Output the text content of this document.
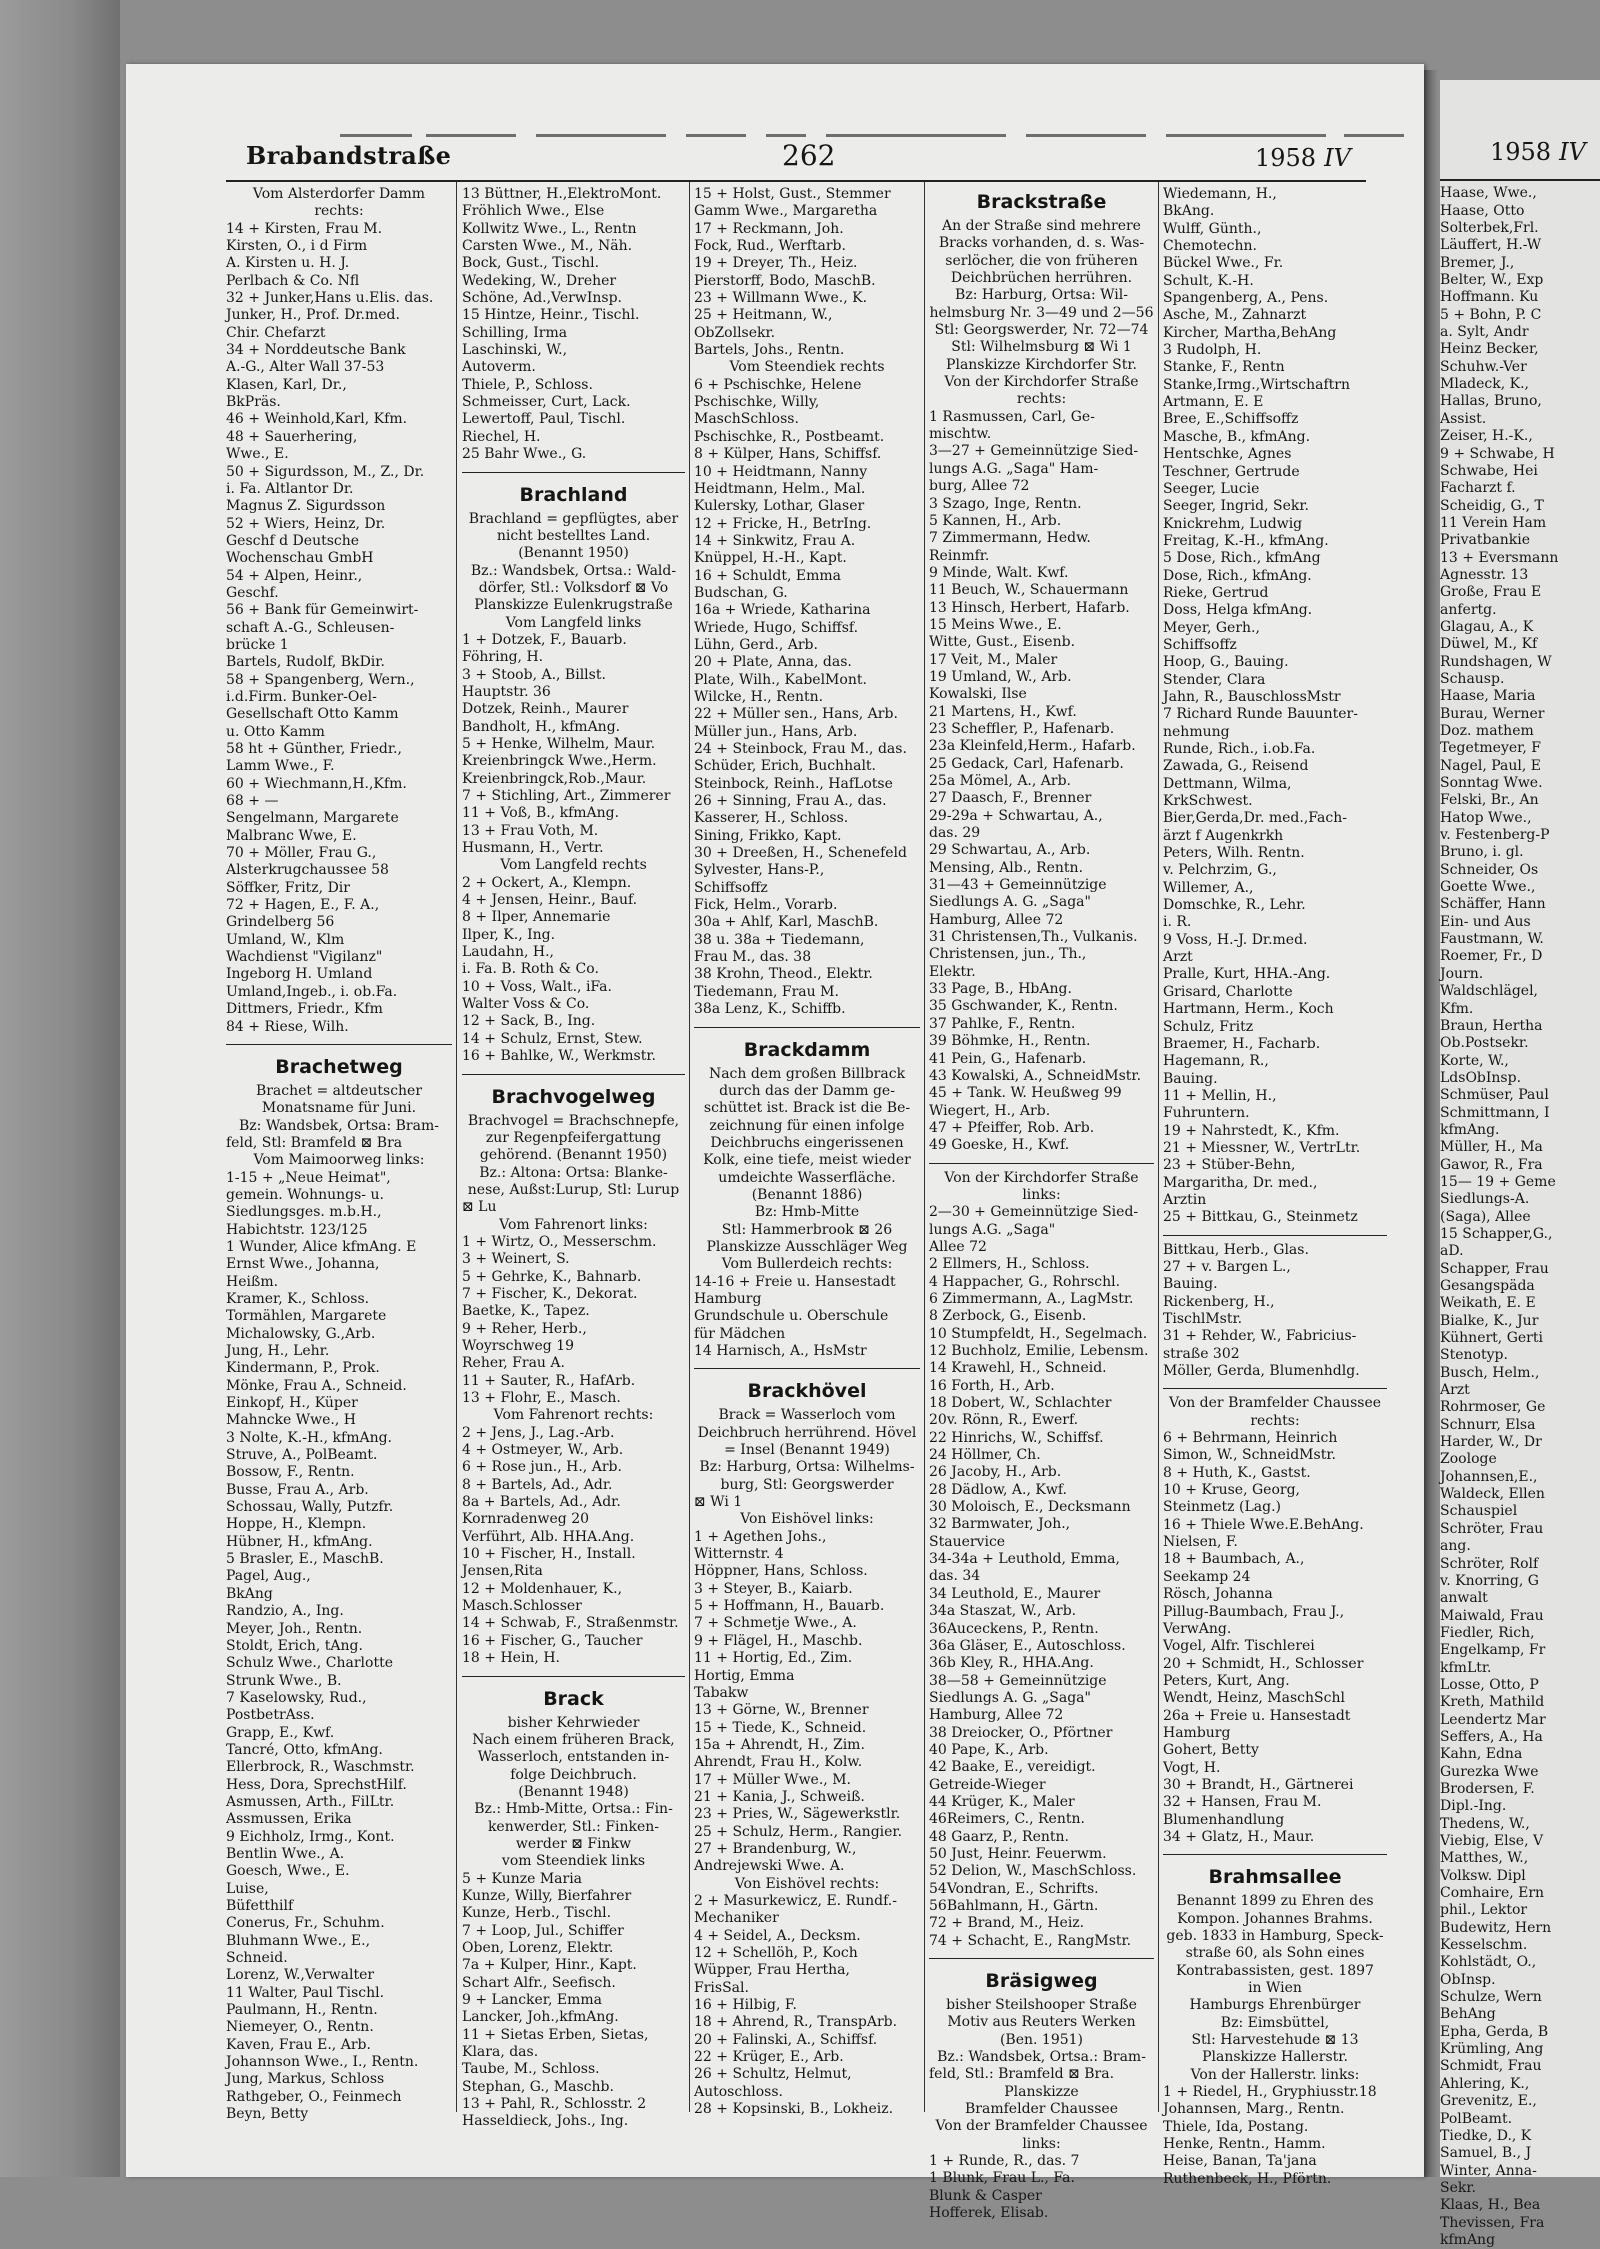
Brabandstraße	262	1958 IV
Vom Alsterdorfer Damm
rechts:
14 + Kirsten, Frau M.
Kirsten, O., i d Firm
A. Kirsten u. H. J.
Perlbach & Co. Nfl
32 + Junker,Hans u.Elis. das.
Junker, H., Prof. Dr.med.
Chir. Chefarzt
34 + Norddeutsche Bank
A.-G., Alter Wall 37-53
Klasen, Karl, Dr.,
BkPräs.
46 + Weinhold,Karl, Kfm.
48 + Sauerhering,
Wwe., E.
50 + Sigurdsson, M., Z., Dr.
i. Fa. Altlantor Dr.
Magnus Z. Sigurdsson
52 + Wiers, Heinz, Dr.
Geschf d Deutsche
Wochenschau GmbH
54 + Alpen, Heinr.,
Geschf.
56 + Bank für Gemeinwirt-
schaft A.-G., Schleusen-
brücke 1
Bartels, Rudolf, BkDir.
58 + Spangenberg, Wern.,
i.d.Firm. Bunker-Oel-
Gesellschaft Otto Kamm
u. Otto Kamm
58 ht + Günther, Friedr.,
Lamm Wwe., F.
60 + Wiechmann,H.,Kfm.
68 + —
Sengelmann, Margarete
Malbranc Wwe, E.
70 + Möller, Frau G.,
Alsterkrugchaussee 58
Söffker, Fritz, Dir
72 + Hagen, E., F. A.,
Grindelberg 56
Umland, W., Klm
Wachdienst "Vigilanz"
Ingeborg H. Umland
Umland,Ingeb., i. ob.Fa.
Dittmers, Friedr., Kfm
84 + Riese, Wilh.
Brachetweg
Brachet = altdeutscher
Monatsname für Juni.
Bz: Wandsbek, Ortsa: Bram-
feld, Stl: Bramfeld ⊠ Bra
Vom Maimoorweg links:
1-15 + „Neue Heimat",
gemein. Wohnungs- u.
Siedlungsges. m.b.H.,
Habichtstr. 123/125
1 Wunder, Alice kfmAng. E
Ernst Wwe., Johanna,
Heißm.
Kramer, K., Schloss.
Tormählen, Margarete
Michalowsky, G.,Arb.
Jung, H., Lehr.
Kindermann, P., Prok.
Mönke, Frau A., Schneid.
Einkopf, H., Küper
Mahncke Wwe., H
3 Nolte, K.-H., kfmAng.
Struve, A., PolBeamt.
Bossow, F., Rentn.
Busse, Frau A., Arb.
Schossau, Wally, Putzfr.
Hoppe, H., Klempn.
Hübner, H., kfmAng.
5 Brasler, E., MaschB.
Pagel, Aug.,
BkAng
Randzio, A., Ing.
Meyer, Joh., Rentn.
Stoldt, Erich, tAng.
Schulz Wwe., Charlotte
Strunk Wwe., B.
7 Kaselowsky, Rud.,
PostbetrAss.
Grapp, E., Kwf.
Tancré, Otto, kfmAng.
Ellerbrock, R., Waschmstr.
Hess, Dora, SprechstHilf.
Asmussen, Arth., FilLtr.
Assmussen, Erika
9 Eichholz, Irmg., Kont.
Bentlin Wwe., A.
Goesch, Wwe., E.
Luise,
Büfetthilf
Conerus, Fr., Schuhm.
Bluhmann Wwe., E.,
Schneid.
Lorenz, W.,Verwalter
11 Walter, Paul Tischl.
Paulmann, H., Rentn.
Niemeyer, O., Rentn.
Kaven, Frau E., Arb.
Johannson Wwe., I., Rentn.
Jung, Markus, Schloss
Rathgeber, O., Feinmech
Beyn, Betty
13 Büttner, H.,ElektroMont.
Fröhlich Wwe., Else
Kollwitz Wwe., L., Rentn
Carsten Wwe., M., Näh.
Bock, Gust., Tischl.
Wedeking, W., Dreher
Schöne, Ad.,VerwInsp.
15 Hintze, Heinr., Tischl.
Schilling, Irma
Laschinski, W.,
Autoverm.
Thiele, P., Schloss.
Schmeisser, Curt, Lack.
Lewertoff, Paul, Tischl.
Riechel, H.
25 Bahr Wwe., G.
Brachland
Brachland = gepflügtes, aber
nicht bestelltes Land.
(Benannt 1950)
Bz.: Wandsbek, Ortsa.: Wald-
dörfer, Stl.: Volksdorf ⊠ Vo
Planskizze Eulenkrugstraße
Vom Langfeld links
1 + Dotzek, F., Bauarb.
Föhring, H.
3 + Stoob, A., Billst.
Hauptstr. 36
Dotzek, Reinh., Maurer
Bandholt, H., kfmAng.
5 + Henke, Wilhelm, Maur.
Kreienbringck Wwe.,Herm.
Kreienbringck,Rob.,Maur.
7 + Stichling, Art., Zimmerer
11 + Voß, B., kfmAng.
13 + Frau Voth, M.
Husmann, H., Vertr.
Vom Langfeld rechts
2 + Ockert, A., Klempn.
4 + Jensen, Heinr., Bauf.
8 + Ilper, Annemarie
Ilper, K., Ing.
Laudahn, H.,
i. Fa. B. Roth & Co.
10 + Voss, Walt., iFa.
Walter Voss & Co.
12 + Sack, B., Ing.
14 + Schulz, Ernst, Stew.
16 + Bahlke, W., Werkmstr.
Brachvogelweg
Brachvogel = Brachschnepfe,
zur Regenpfeifergattung
gehörend. (Benannt 1950)
Bz.: Altona: Ortsa: Blanke-
nese, Außst:Lurup, Stl: Lurup
⊠ Lu
Vom Fahrenort links:
1 + Wirtz, O., Messerschm.
3 + Weinert, S.
5 + Gehrke, K., Bahnarb.
7 + Fischer, K., Dekorat.
Baetke, K., Tapez.
9 + Reher, Herb.,
Woyrschweg 19
Reher, Frau A.
11 + Sauter, R., HafArb.
13 + Flohr, E., Masch.
Vom Fahrenort rechts:
2 + Jens, J., Lag.-Arb.
4 + Ostmeyer, W., Arb.
6 + Rose jun., H., Arb.
8 + Bartels, Ad., Adr.
8a + Bartels, Ad., Adr.
Kornradenweg 20
Verführt, Alb. HHA.Ang.
10 + Fischer, H., Install.
Jensen,Rita
12 + Moldenhauer, K.,
Masch.Schlosser
14 + Schwab, F., Straßenmstr.
16 + Fischer, G., Taucher
18 + Hein, H.
Brack
bisher Kehrwieder
Nach einem früheren Brack,
Wasserloch, entstanden in-
folge Deichbruch.
(Benannt 1948)
Bz.: Hmb-Mitte, Ortsa.: Fin-
kenwerder, Stl.: Finken-
werder ⊠ Finkw
vom Steendiek links
5 + Kunze Maria
Kunze, Willy, Bierfahrer
Kunze, Herb., Tischl.
7 + Loop, Jul., Schiffer
Oben, Lorenz, Elektr.
7a + Kulper, Hinr., Kapt.
Schart Alfr., Seefisch.
9 + Lancker, Emma
Lancker, Joh.,kfmAng.
11 + Sietas Erben, Sietas,
Klara, das.
Taube, M., Schloss.
Stephan, G., Maschb.
13 + Pahl, R., Schlosstr. 2
Hasseldieck, Johs., Ing.
15 + Holst, Gust., Stemmer
Gamm Wwe., Margaretha
17 + Reckmann, Joh.
Fock, Rud., Werftarb.
19 + Dreyer, Th., Heiz.
Pierstorff, Bodo, MaschB.
23 + Willmann Wwe., K.
25 + Heitmann, W.,
ObZollsekr.
Bartels, Johs., Rentn.
Vom Steendiek rechts
6 + Pschischke, Helene
Pschischke, Willy,
MaschSchloss.
Pschischke, R., Postbeamt.
8 + Külper, Hans, Schiffsf.
10 + Heidtmann, Nanny
Heidtmann, Helm., Mal.
Kulersky, Lothar, Glaser
12 + Fricke, H., BetrIng.
14 + Sinkwitz, Frau A.
Knüppel, H.-H., Kapt.
16 + Schuldt, Emma
Budschan, G.
16a + Wriede, Katharina
Wriede, Hugo, Schiffsf.
Lühn, Gerd., Arb.
20 + Plate, Anna, das.
Plate, Wilh., KabelMont.
Wilcke, H., Rentn.
22 + Müller sen., Hans, Arb.
Müller jun., Hans, Arb.
24 + Steinbock, Frau M., das.
Schüder, Erich, Buchhalt.
Steinbock, Reinh., HafLotse
26 + Sinning, Frau A., das.
Kasserer, H., Schloss.
Sining, Frikko, Kapt.
30 + Dreeßen, H., Schenefeld
Sylvester, Hans-P.,
Schiffsoffz
Fick, Helm., Vorarb.
30a + Ahlf, Karl, MaschB.
38 u. 38a + Tiedemann,
Frau M., das. 38
38 Krohn, Theod., Elektr.
Tiedemann, Frau M.
38a Lenz, K., Schiffb.
Brackdamm
Nach dem großen Billbrack
durch das der Damm ge-
schüttet ist. Brack ist die Be-
zeichnung für einen infolge
Deichbruchs eingerissenen
Kolk, eine tiefe, meist wieder
umdeichte Wasserfläche.
(Benannt 1886)
Bz: Hmb-Mitte
Stl: Hammerbrook ⊠ 26
Planskizze Ausschläger Weg
Vom Bullerdeich rechts:
14-16 + Freie u. Hansestadt
Hamburg
Grundschule u. Oberschule
für Mädchen
14 Harnisch, A., HsMstr
Brackhövel
Brack = Wasserloch vom
Deichbruch herrührend. Hövel
= Insel (Benannt 1949)
Bz: Harburg, Ortsa: Wilhelms-
burg, Stl: Georgswerder
⊠ Wi 1
Von Eishövel links:
1 + Agethen Johs.,
Witternstr. 4
Höppner, Hans, Schloss.
3 + Steyer, B., Kaiarb.
5 + Hoffmann, H., Bauarb.
7 + Schmetje Wwe., A.
9 + Flägel, H., Maschb.
11 + Hortig, Ed., Zim.
Hortig, Emma
Tabakw
13 + Görne, W., Brenner
15 + Tiede, K., Schneid.
15a + Ahrendt, H., Zim.
Ahrendt, Frau H., Kolw.
17 + Müller Wwe., M.
21 + Kania, J., Schweiß.
23 + Pries, W., Sägewerkstlr.
25 + Schulz, Herm., Rangier.
27 + Brandenburg, W.,
Andrejewski Wwe. A.
Von Eishövel rechts:
2 + Masurkewicz, E. Rundf.-
Mechaniker
4 + Seidel, A., Decksm.
12 + Schellöh, P., Koch
Wüpper, Frau Hertha,
FrisSal.
16 + Hilbig, F.
18 + Ahrend, R., TranspArb.
20 + Falinski, A., Schiffsf.
22 + Krüger, E., Arb.
26 + Schultz, Helmut,
Autoschloss.
28 + Kopsinski, B., Lokheiz.
Brackstraße
An der Straße sind mehrere
Bracks vorhanden, d. s. Was-
serlöcher, die von früheren
Deichbrüchen herrühren.
Bz: Harburg, Ortsa: Wil-
helmsburg Nr. 3—49 und 2—56
Stl: Georgswerder, Nr. 72—74
Stl: Wilhelmsburg ⊠ Wi 1
Planskizze Kirchdorfer Str.
Von der Kirchdorfer Straße
rechts:
1 Rasmussen, Carl, Ge-
mischtw.
3—27 + Gemeinnützige Sied-
lungs A.G. „Saga" Ham-
burg, Allee 72
3 Szago, Inge, Rentn.
5 Kannen, H., Arb.
7 Zimmermann, Hedw.
Reinmfr.
9 Minde, Walt. Kwf.
11 Beuch, W., Schauermann
13 Hinsch, Herbert, Hafarb.
15 Meins Wwe., E.
Witte, Gust., Eisenb.
17 Veit, M., Maler
19 Umland, W., Arb.
Kowalski, Ilse
21 Martens, H., Kwf.
23 Scheffler, P., Hafenarb.
23a Kleinfeld,Herm., Hafarb.
25 Gedack, Carl, Hafenarb.
25a Mömel, A., Arb.
27 Daasch, F., Brenner
29-29a + Schwartau, A.,
das. 29
29 Schwartau, A., Arb.
Mensing, Alb., Rentn.
31—43 + Gemeinnützige
Siedlungs A. G. „Saga"
Hamburg, Allee 72
31 Christensen,Th., Vulkanis.
Christensen, jun., Th.,
Elektr.
33 Page, B., HbAng.
35 Gschwander, K., Rentn.
37 Pahlke, F., Rentn.
39 Böhmke, H., Rentn.
41 Pein, G., Hafenarb.
43 Kowalski, A., SchneidMstr.
45 + Tank. W. Heußweg 99
Wiegert, H., Arb.
47 + Pfeiffer, Rob. Arb.
49 Goeske, H., Kwf.
Von der Kirchdorfer Straße
links:
2—30 + Gemeinnützige Sied-
lungs A.G. „Saga"
Allee 72
2 Ellmers, H., Schloss.
4 Happacher, G., Rohrschl.
6 Zimmermann, A., LagMstr.
8 Zerbock, G., Eisenb.
10 Stumpfeldt, H., Segelmach.
12 Buchholz, Emilie, Lebensm.
14 Krawehl, H., Schneid.
16 Forth, H., Arb.
18 Dobert, W., Schlachter
20v. Rönn, R., Ewerf.
22 Hinrichs, W., Schiffsf.
24 Höllmer, Ch.
26 Jacoby, H., Arb.
28 Dädlow, A., Kwf.
30 Moloisch, E., Decksmann
32 Barmwater, Joh.,
Stauervice
34-34a + Leuthold, Emma,
das. 34
34 Leuthold, E., Maurer
34a Staszat, W., Arb.
36Auceckens, P., Rentn.
36a Gläser, E., Autoschloss.
36b Kley, R., HHA.Ang.
38—58 + Gemeinnützige
Siedlungs A. G. „Saga"
Hamburg, Allee 72
38 Dreiocker, O., Pförtner
40 Pape, K., Arb.
42 Baake, E., vereidigt.
Getreide-Wieger
44 Krüger, K., Maler
46Reimers, C., Rentn.
48 Gaarz, P., Rentn.
50 Just, Heinr. Feuerwm.
52 Delion, W., MaschSchloss.
54Vondran, E., Schrifts.
56Bahlmann, H., Gärtn.
72 + Brand, M., Heiz.
74 + Schacht, E., RangMstr.
Bräsigweg
bisher Steilshooper Straße
Motiv aus Reuters Werken
(Ben. 1951)
Bz.: Wandsbek, Ortsa.: Bram-
feld, Stl.: Bramfeld ⊠ Bra.
Planskizze
Bramfelder Chaussee
Von der Bramfelder Chaussee
links:
1 + Runde, R., das. 7
1 Blunk, Frau L., Fa.
Blunk & Casper
Hofferek, Elisab.
Wiedemann, H.,
BkAng.
Wulff, Günth.,
Chemotechn.
Bückel Wwe., Fr.
Schult, K.-H.
Spangenberg, A., Pens.
Asche, M., Zahnarzt
Kircher, Martha,BehAng
3 Rudolph, H.
Stanke, F., Rentn
Stanke,Irmg.,Wirtschaftrn
Artmann, E. E
Bree, E.,Schiffsoffz
Masche, B., kfmAng.
Hentschke, Agnes
Teschner, Gertrude
Seeger, Lucie
Seeger, Ingrid, Sekr.
Knickrehm, Ludwig
Freitag, K.-H., kfmAng.
5 Dose, Rich., kfmAng
Dose, Rich., kfmAng.
Rieke, Gertrud
Doss, Helga kfmAng.
Meyer, Gerh.,
Schiffsoffz
Hoop, G., Bauing.
Stender, Clara
Jahn, R., BauschlossMstr
7 Richard Runde Bauunter-
nehmung
Runde, Rich., i.ob.Fa.
Zawada, G., Reisend
Dettmann, Wilma,
KrkSchwest.
Bier,Gerda,Dr. med.,Fach-
ärzt f Augenkrkh
Peters, Wilh. Rentn.
v. Pelchrzim, G.,
Willemer, A.,
Domschke, R., Lehr.
i. R.
9 Voss, H.-J. Dr.med.
Arzt
Pralle, Kurt, HHA.-Ang.
Grisard, Charlotte
Hartmann, Herm., Koch
Schulz, Fritz
Braemer, H., Facharb.
Hagemann, R.,
Bauing.
11 + Mellin, H.,
Fuhruntern.
19 + Nahrstedt, K., Kfm.
21 + Miessner, W., VertrLtr.
23 + Stüber-Behn,
Margaritha, Dr. med.,
Arztin
25 + Bittkau, G., Steinmetz
Bittkau, Herb., Glas.
27 + v. Bargen L.,
Bauing.
Rickenberg, H.,
TischlMstr.
31 + Rehder, W., Fabricius-
straße 302
Möller, Gerda, Blumenhdlg.
Von der Bramfelder Chaussee
rechts:
6 + Behrmann, Heinrich
Simon, W., SchneidMstr.
8 + Huth, K., Gastst.
10 + Kruse, Georg,
Steinmetz (Lag.)
16 + Thiele Wwe.E.BehAng.
Nielsen, F.
18 + Baumbach, A.,
Seekamp 24
Rösch, Johanna
Pillug-Baumbach, Frau J.,
VerwAng.
Vogel, Alfr. Tischlerei
20 + Schmidt, H., Schlosser
Peters, Kurt, Ang.
Wendt, Heinz, MaschSchl
26a + Freie u. Hansestadt
Hamburg
Gohert, Betty
Vogt, H.
30 + Brandt, H., Gärtnerei
32 + Hansen, Frau M.
Blumenhandlung
34 + Glatz, H., Maur.
Brahmsallee
Benannt 1899 zu Ehren des
Kompon. Johannes Brahms.
geb. 1833 in Hamburg, Speck-
straße 60, als Sohn eines
Kontrabassisten, gest. 1897
in Wien
Hamburgs Ehrenbürger
Bz: Eimsbüttel,
Stl: Harvestehude ⊠ 13
Planskizze Hallerstr.
Von der Hallerstr. links:
1 + Riedel, H., Gryphiusstr.18
Johannsen, Marg., Rentn.
Thiele, Ida, Postang.
Henke, Rentn., Hamm.
Heise, Banan, Ta'jana
Ruthenbeck, H., Pförtn.
1958 IV
Haase, Wwe.,
Haase, Otto
Solterbek,Frl.
Läuffert, H.-W
Bremer, J.,
Belter, W., Exp
Hoffmann. Ku
5 + Bohn, P. C
a. Sylt, Andr
Heinz Becker,
Schuhw.-Ver
Mladeck, K.,
Hallas, Bruno,
Assist.
Zeiser, H.-K.,
9 + Schwabe, H
Schwabe, Hei
Facharzt f.
Scheidig, G., T
11 Verein Ham
Privatbankie
13 + Eversmann
Agnesstr. 13
Große, Frau E
anfertg.
Glagau, A., K
Düwel, M., Kf
Rundshagen, W
Schausp.
Haase, Maria
Burau, Werner
Doz. mathem
Tegetmeyer, F
Nagel, Paul, E
Sonntag Wwe.
Felski, Br., An
Hatop Wwe.,
v. Festenberg-P
Bruno, i. gl.
Schneider, Os
Goette Wwe.,
Schäffer, Hann
Ein- und Aus
Faustmann, W.
Roemer, Fr., D
Journ.
Waldschlägel,
Kfm.
Braun, Hertha
Ob.Postsekr.
Korte, W.,
LdsObInsp.
Schmüser, Paul
Schmittmann, I
kfmAng.
Müller, H., Ma
Gawor, R., Fra
15— 19 + Geme
Siedlungs-A.
(Saga), Allee
15 Schapper,G.,
aD.
Schapper, Frau
Gesangspäda
Weikath, E. E
Bialke, K., Jur
Kühnert, Gerti
Stenotyp.
Busch, Helm.,
Arzt
Rohrmoser, Ge
Schnurr, Elsa
Harder, W., Dr
Zoologe
Johannsen,E.,
Waldeck, Ellen
Schauspiel
Schröter, Frau
ang.
Schröter, Rolf
v. Knorring, G
anwalt
Maiwald, Frau
Fiedler, Rich,
Engelkamp, Fr
kfmLtr.
Losse, Otto, P
Kreth, Mathild
Leendertz Mar
Seffers, A., Ha
Kahn, Edna
Gurezka Wwe
Brodersen, F.
Dipl.-Ing.
Thedens, W.,
Viebig, Else, V
Matthes, W.,
Volksw. Dipl
Comhaire, Ern
phil., Lektor
Budewitz, Hern
Kesselschm.
Kohlstädt, O.,
ObInsp.
Schulze, Wern
BehAng
Epha, Gerda, B
Krümling, Ang
Schmidt, Frau
Ahlering, K.,
Grevenitz, E.,
PolBeamt.
Tiedke, D., K
Samuel, B., J
Winter, Anna-
Sekr.
Klaas, H., Bea
Thevissen, Fra
kfmAng
